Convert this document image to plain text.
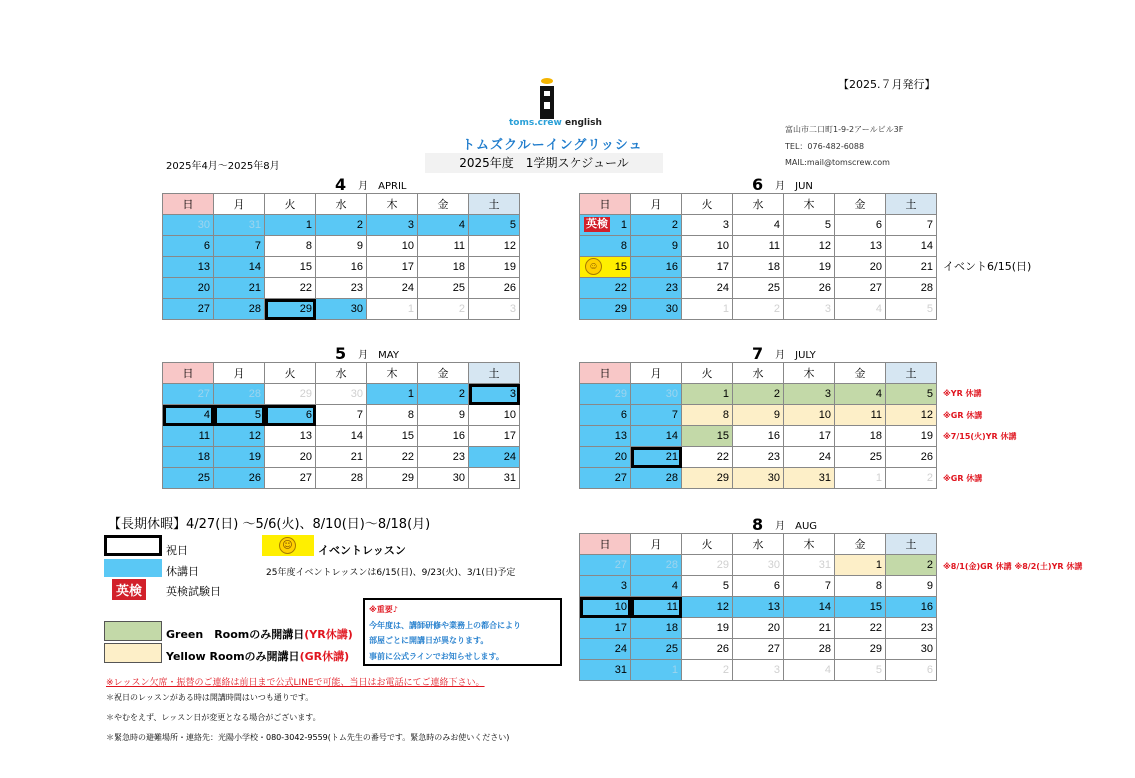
【2025.７月発行】
toms.crew english
トムズクルーイングリッシュ
富山市二口町1-9-2アールビル3F
TEL：076-482-6088
MAIL:mail@tomscrew.com
2025年4月～2025年8月	2025年度　1学期スケジュール
4 月　APRIL
日	月	火	水	木	金	土
30	31	1	2	3	4	5
6	7	8	9	10	11	12
13	14	15	16	17	18	19
20	21	22	23	24	25	26
27	28	29	30	1	2	3
6 月　JUN
日	月	火	水	木	金	土

英検 1	2	3	4	5	6	7
8	9	10	11	12	13	14

☺ 15	16	17	18	19	20	21
22	23	24	25	26	27	28
29	30	1	2	3	4	5
5 月　MAY
日	月	火	水	木	金	土
27	28	29	30	1	2	3
4	5	6	7	8	9	10
11	12	13	14	15	16	17
18	19	20	21	22	23	24
25	26	27	28	29	30	31
7 月　JULY
日	月	火	水	木	金	土
29	30	1	2	3	4	5
6	7	8	9	10	11	12
13	14	15	16	17	18	19
20	21	22	23	24	25	26
27	28	29	30	31	1	2
8 月　AUG
日	月	火	水	木	金	土
27	28	29	30	31	1	2
3	4	5	6	7	8	9
10	11	12	13	14	15	16
17	18	19	20	21	22	23
24	25	26	27	28	29	30
31	1	2	3	4	5	6
イベント6/15(日)
※YR 休講
※GR 休講
※7/15(火)YR 休講
※GR 休講
※8/1(金)GR 休講 ※8/2(土)YR 休講
【長期休暇】4/27(日) ～5/6(火)、8/10(日)～8/18(月)
祝日
休講日
☺ イベントレッスン
25年度イベントレッスンは6/15(日)、9/23(火)、3/1(日)予定
英検	英検試験日
Green　Roomのみ開講日(YR休講)
Yellow Roomのみ開講日(GR休講)
※重要♪
今年度は、講師研修や業務上の都合により
部屋ごとに開講日が異なります。
事前に公式ラインでお知らせします。
※レッスン欠席・振替のご連絡は前日まで公式LINEで可能、当日はお電話にてご連絡下さい。
＊祝日のレッスンがある時は開講時間はいつも通りです。
＊やむをえず、レッスン日が変更となる場合がございます。
＊緊急時の避難場所・連絡先：光陽小学校・080-3042-9559(トム先生の番号です。緊急時のみお使いください)
